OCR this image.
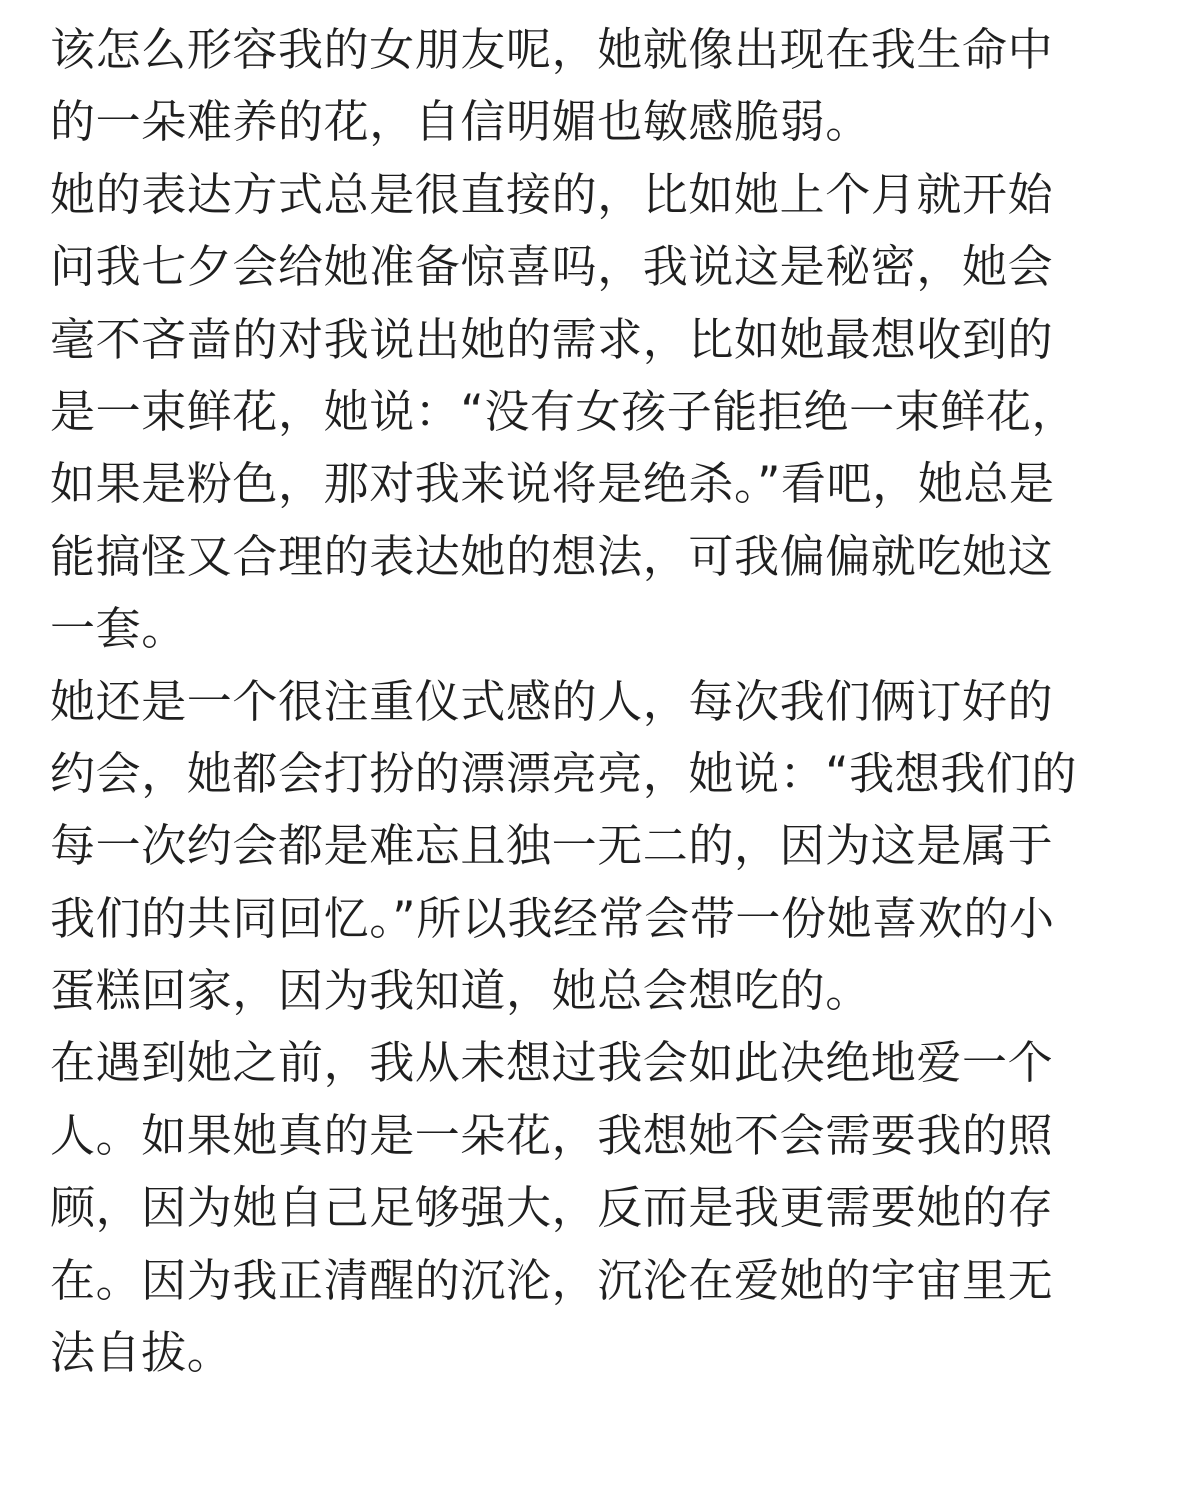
该怎么形容我的女朋友呢，她就像出现在我生命中
的一朵难养的花，自信明媚也敏感脆弱。

她的表达方式总是很直接的，比如她上个月就开始
问我七夕会给她准备惊喜吗，我说这是秘密，她会
毫不吝啬的对我说出她的需求，比如她最想收到的
是一束鲜花，她说：“没有女孩子能拒绝一束鲜花，
如果是粉色，那对我来说将是绝杀。”看吧，她总是
能搞怪又合理的表达她的想法，可我偏偏就吃她这
一套。

她还是一个很注重仪式感的人，每次我们俩订好的
约会，她都会打扮的漂漂亮亮，她说：“我想我们的
每一次约会都是难忘且独一无二的，因为这是属于
我们的共同回忆。”所以我经常会带一份她喜欢的小
蛋糕回家，因为我知道，她总会想吃的。

在遇到她之前，我从未想过我会如此决绝地爱一个
人。如果她真的是一朵花，我想她不会需要我的照
顾，因为她自己足够强大，反而是我更需要她的存
在。因为我正清醒的沉沦，沉沦在爱她的宇宙里无
法自拔。
